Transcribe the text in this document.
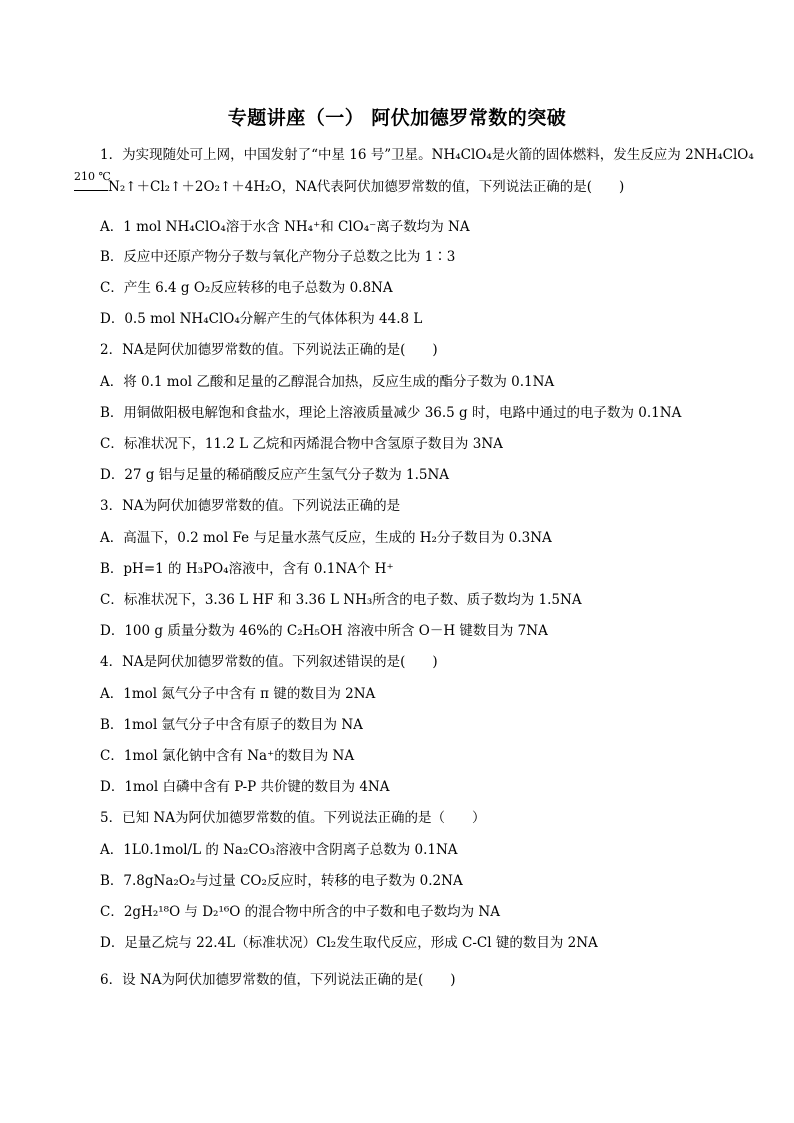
专题讲座（一） 阿伏加德罗常数的突破
1．为实现随处可上网，中国发射了“中星 16 号”卫星。NH₄ClO₄是火箭的固体燃料，发生反应为 2NH₄ClO₄
210 ℃
N₂↑＋Cl₂↑＋2O₂↑＋4H₂O，NA代表阿伏加德罗常数的值，下列说法正确的是(　　)
A．1 mol NH₄ClO₄溶于水含 NH₄⁺和 ClO₄⁻离子数均为 NA
B．反应中还原产物分子数与氧化产物分子总数之比为 1∶3
C．产生 6.4 g O₂反应转移的电子总数为 0.8NA
D．0.5 mol NH₄ClO₄分解产生的气体体积为 44.8 L
2．NA是阿伏加德罗常数的值。下列说法正确的是(　　)
A．将 0.1 mol 乙酸和足量的乙醇混合加热，反应生成的酯分子数为 0.1NA
B．用铜做阳极电解饱和食盐水，理论上溶液质量减少 36.5 g 时，电路中通过的电子数为 0.1NA
C．标准状况下，11.2 L 乙烷和丙烯混合物中含氢原子数目为 3NA
D．27 g 铝与足量的稀硝酸反应产生氢气分子数为 1.5NA
3．NA为阿伏加德罗常数的值。下列说法正确的是
A．高温下，0.2 mol Fe 与足量水蒸气反应，生成的 H₂分子数目为 0.3NA
B．pH=1 的 H₃PO₄溶液中，含有 0.1NA个 H⁺
C．标准状况下，3.36 L HF 和 3.36 L NH₃所含的电子数、质子数均为 1.5NA
D．100 g 质量分数为 46%的 C₂H₅OH 溶液中所含 O－H 键数目为 7NA
4．NA是阿伏加德罗常数的值。下列叙述错误的是(　　)
A．1mol 氮气分子中含有 π 键的数目为 2NA
B．1mol 氩气分子中含有原子的数目为 NA
C．1mol 氯化钠中含有 Na⁺的数目为 NA
D．1mol 白磷中含有 P-P 共价键的数目为 4NA
5．已知 NA为阿伏加德罗常数的值。下列说法正确的是（　　）
A．1L0.1mol/L 的 Na₂CO₃溶液中含阴离子总数为 0.1NA
B．7.8gNa₂O₂与过量 CO₂反应时，转移的电子数为 0.2NA
C．2gH₂¹⁸O 与 D₂¹⁶O 的混合物中所含的中子数和电子数均为 NA
D．足量乙烷与 22.4L（标准状况）Cl₂发生取代反应，形成 C-Cl 键的数目为 2NA
6．设 NA为阿伏加德罗常数的值，下列说法正确的是(　　)
